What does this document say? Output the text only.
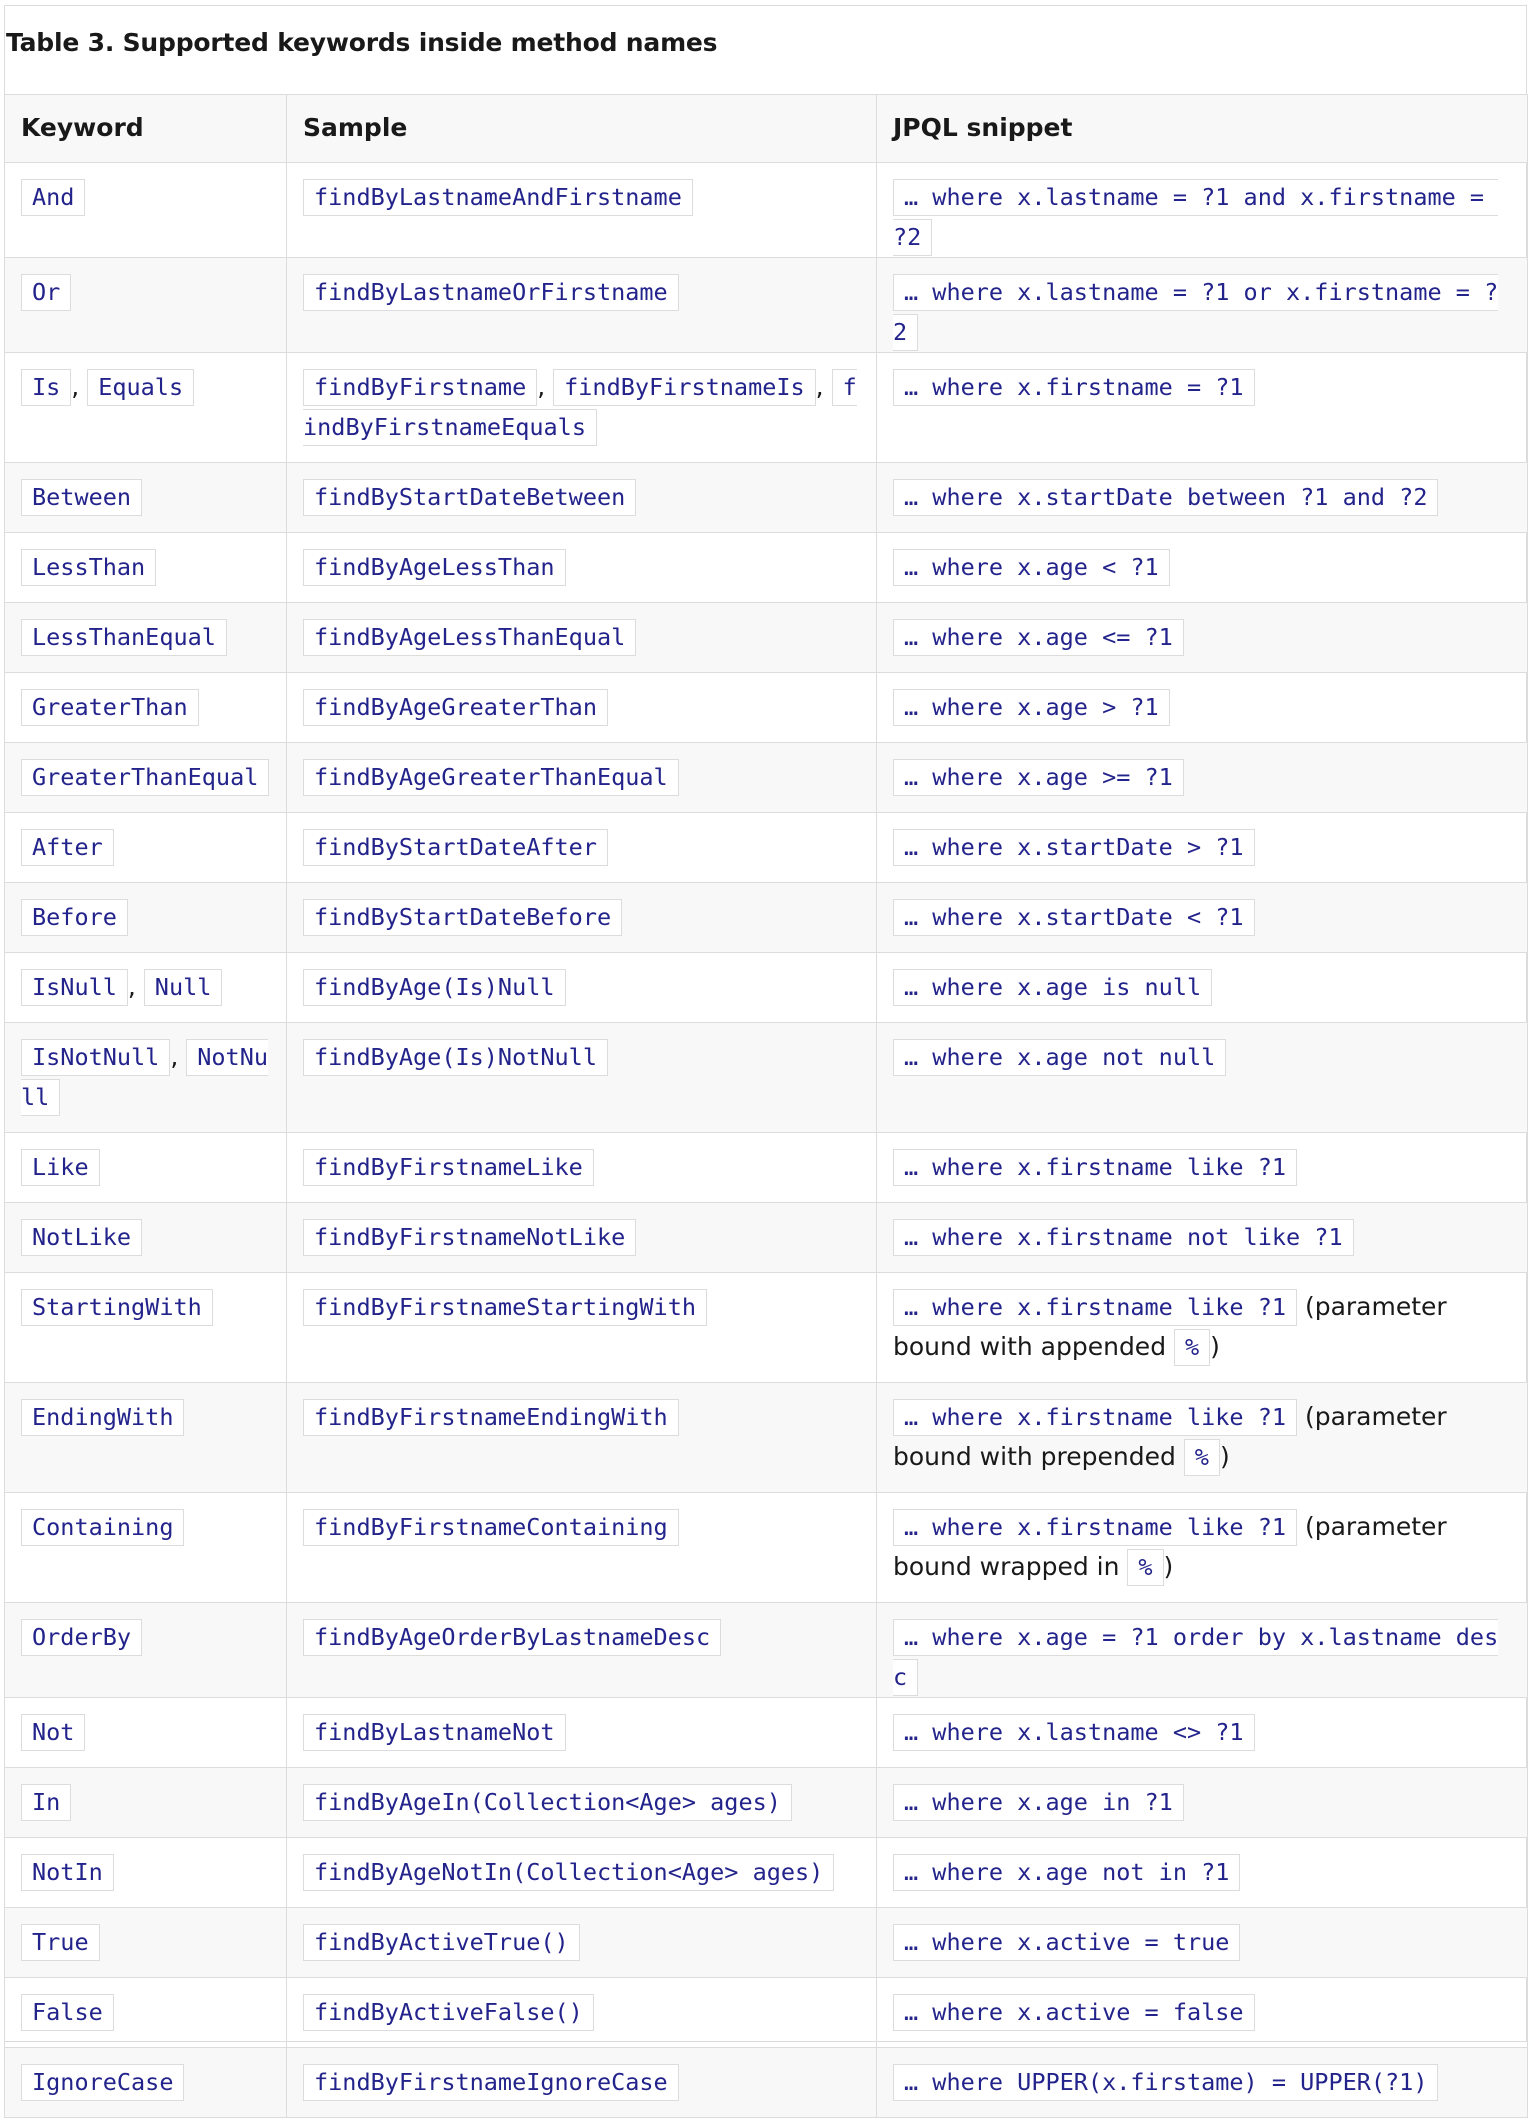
Table 3. Supported keywords inside method names
Keyword	Sample	JPQL snippet
And	findByLastnameAndFirstname	… where x.lastname = ?1 and x.firstname = ?2
Or	findByLastnameOrFirstname	… where x.lastname = ?1 or x.firstname = ?2
Is , Equals	findByFirstname , findByFirstnameIs , findByFirstnameEquals	… where x.firstname = ?1
Between	findByStartDateBetween	… where x.startDate between ?1 and ?2
LessThan	findByAgeLessThan	… where x.age < ?1
LessThanEqual	findByAgeLessThanEqual	… where x.age <= ?1
GreaterThan	findByAgeGreaterThan	… where x.age > ?1
GreaterThanEqual	findByAgeGreaterThanEqual	… where x.age >= ?1
After	findByStartDateAfter	… where x.startDate > ?1
Before	findByStartDateBefore	… where x.startDate < ?1
IsNull , Null	findByAge(Is)Null	… where x.age is null
IsNotNull , NotNull	findByAge(Is)NotNull	… where x.age not null
Like	findByFirstnameLike	… where x.firstname like ?1
NotLike	findByFirstnameNotLike	… where x.firstname not like ?1
StartingWith	findByFirstnameStartingWith	… where x.firstname like ?1 (parameter bound with appended % )
EndingWith	findByFirstnameEndingWith	… where x.firstname like ?1 (parameter bound with prepended % )
Containing	findByFirstnameContaining	… where x.firstname like ?1 (parameter bound wrapped in % )
OrderBy	findByAgeOrderByLastnameDesc	… where x.age = ?1 order by x.lastname desc
Not	findByLastnameNot	… where x.lastname <> ?1
In	findByAgeIn(Collection<Age> ages)	… where x.age in ?1
NotIn	findByAgeNotIn(Collection<Age> ages)	… where x.age not in ?1
True	findByActiveTrue()	… where x.active = true
False	findByActiveFalse()	… where x.active = false
IgnoreCase	findByFirstnameIgnoreCase	… where UPPER(x.firstame) = UPPER(?1)
